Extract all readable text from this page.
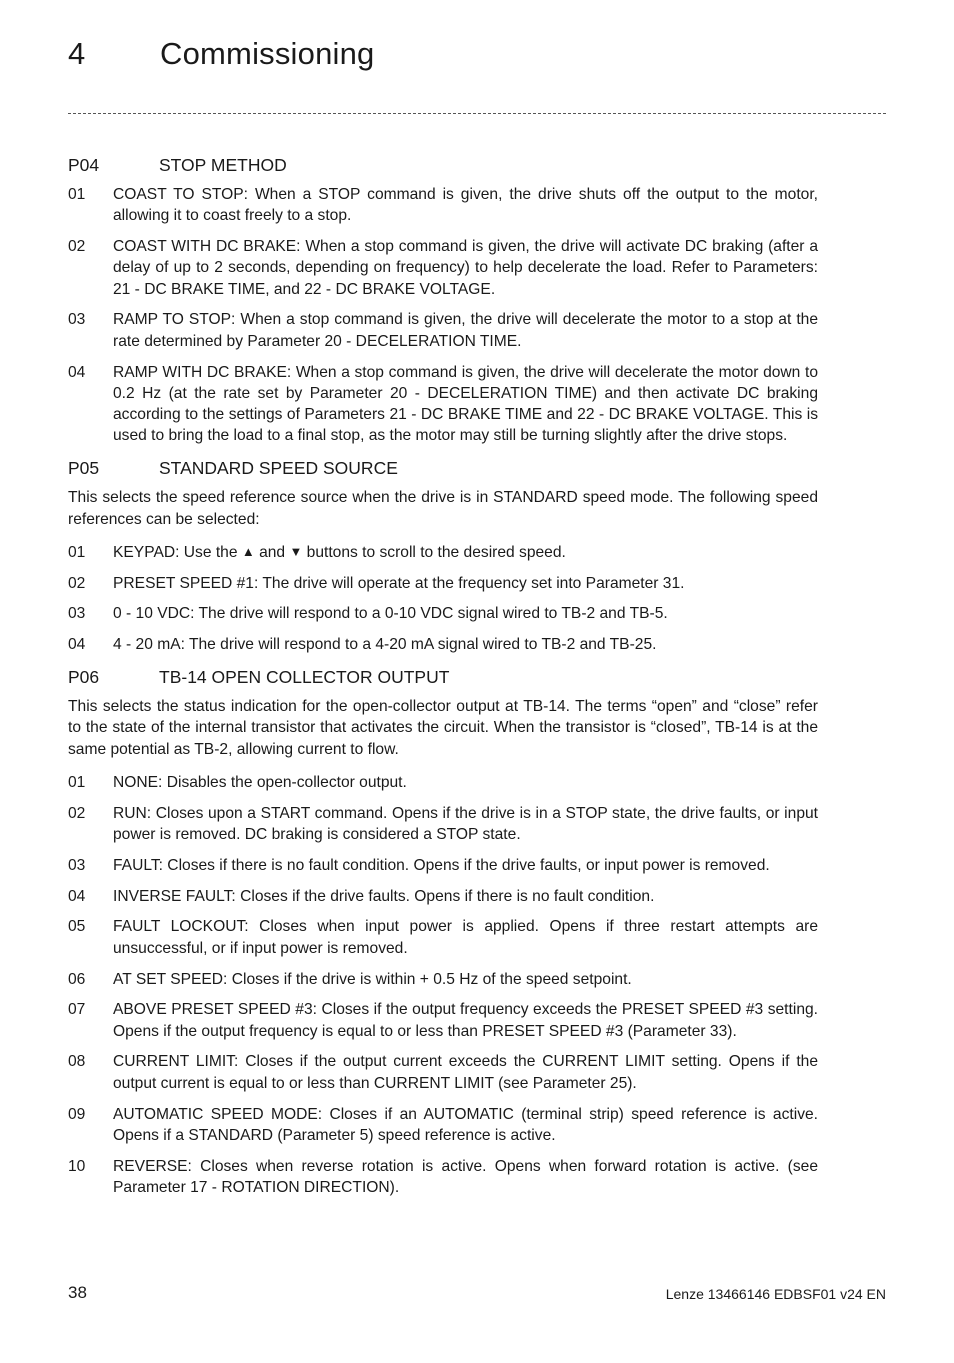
4 Commissioning
P04	STOP METHOD
01	COAST TO STOP: When a STOP command is given, the drive shuts off the output to the motor, allowing it to coast freely to a stop.
02	COAST WITH DC BRAKE: When a stop command is given, the drive will activate DC braking (after a delay of up to 2 seconds, depending on frequency) to help decelerate the load. Refer to Parameters: 21 - DC BRAKE TIME, and 22 - DC BRAKE VOLTAGE.
03	RAMP TO STOP: When a stop command is given, the drive will decelerate the motor to a stop at the rate determined by Parameter 20 - DECELERATION TIME.
04	RAMP WITH DC BRAKE: When a stop command is given, the drive will decelerate the motor down to 0.2 Hz (at the rate set by Parameter 20 - DECELERATION TIME) and then activate DC braking according to the settings of Parameters 21 - DC BRAKE TIME and 22 - DC BRAKE VOLTAGE. This is used to bring the load to a final stop, as the motor may still be turning slightly after the drive stops.
P05	STANDARD SPEED SOURCE
This selects the speed reference source when the drive is in STANDARD speed mode. The following speed references can be selected:
01	KEYPAD: Use the ▲ and ▼ buttons to scroll to the desired speed.
02	PRESET SPEED #1: The drive will operate at the frequency set into Parameter 31.
03	0 - 10 VDC: The drive will respond to a 0-10 VDC signal wired to TB-2 and TB-5.
04	4 - 20 mA: The drive will respond to a 4-20 mA signal wired to TB-2 and TB-25.
P06	TB-14 OPEN COLLECTOR OUTPUT
This selects the status indication for the open-collector output at TB-14. The terms “open” and “close” refer to the state of the internal transistor that activates the circuit. When the transistor is “closed”, TB-14 is at the same potential as TB-2, allowing current to flow.
01	NONE: Disables the open-collector output.
02	RUN: Closes upon a START command. Opens if the drive is in a STOP state, the drive faults, or input power is removed. DC braking is considered a STOP state.
03	FAULT: Closes if there is no fault condition. Opens if the drive faults, or input power is removed.
04	INVERSE FAULT: Closes if the drive faults. Opens if there is no fault condition.
05	FAULT LOCKOUT: Closes when input power is applied. Opens if three restart attempts are unsuccessful, or if input power is removed.
06	AT SET SPEED: Closes if the drive is within + 0.5 Hz of the speed setpoint.
07	ABOVE PRESET SPEED #3: Closes if the output frequency exceeds the PRESET SPEED #3 setting. Opens if the output frequency is equal to or less than PRESET SPEED #3 (Parameter 33).
08	CURRENT LIMIT: Closes if the output current exceeds the CURRENT LIMIT setting. Opens if the output current is equal to or less than CURRENT LIMIT (see Parameter 25).
09	AUTOMATIC SPEED MODE: Closes if an AUTOMATIC (terminal strip) speed reference is active. Opens if a STANDARD (Parameter 5) speed reference is active.
10	REVERSE: Closes when reverse rotation is active. Opens when forward rotation is active. (see Parameter 17 - ROTATION DIRECTION).
38	Lenze 13466146 EDBSF01 v24 EN
